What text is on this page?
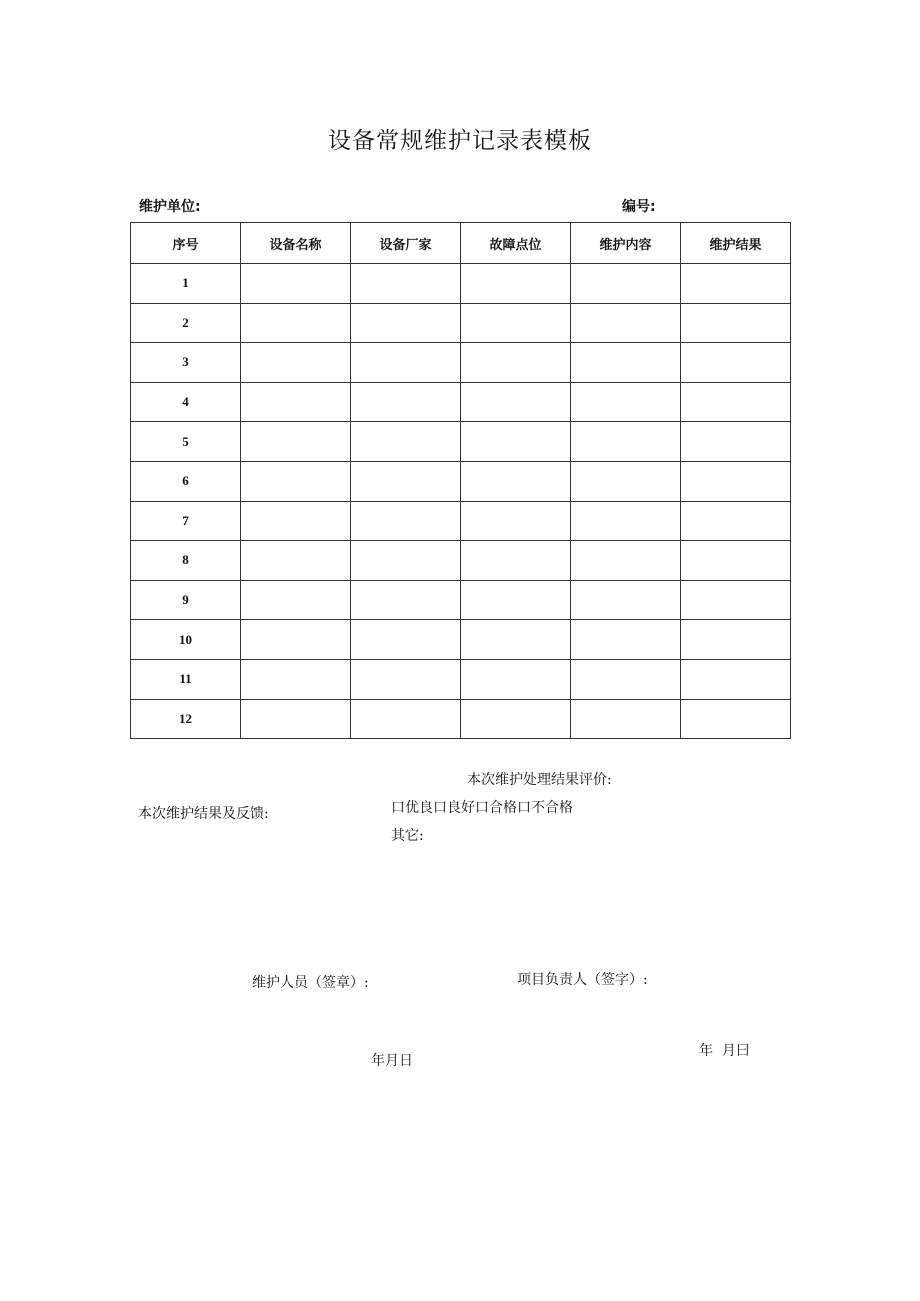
设备常规维护记录表模板
维护单位:	编号:
序号	设备名称	设备厂家	故障点位	维护内容	维护结果
1					
2					
3					
4					
5					
6					
7					
8					
9					
10					
11					
12					
本次维护处理结果评价:
本次维护结果及反馈:	口优良口良好口合格口不合格
其它:
维护人员（签章）:	项目负责人（签字）:
年月日
年  月曰
